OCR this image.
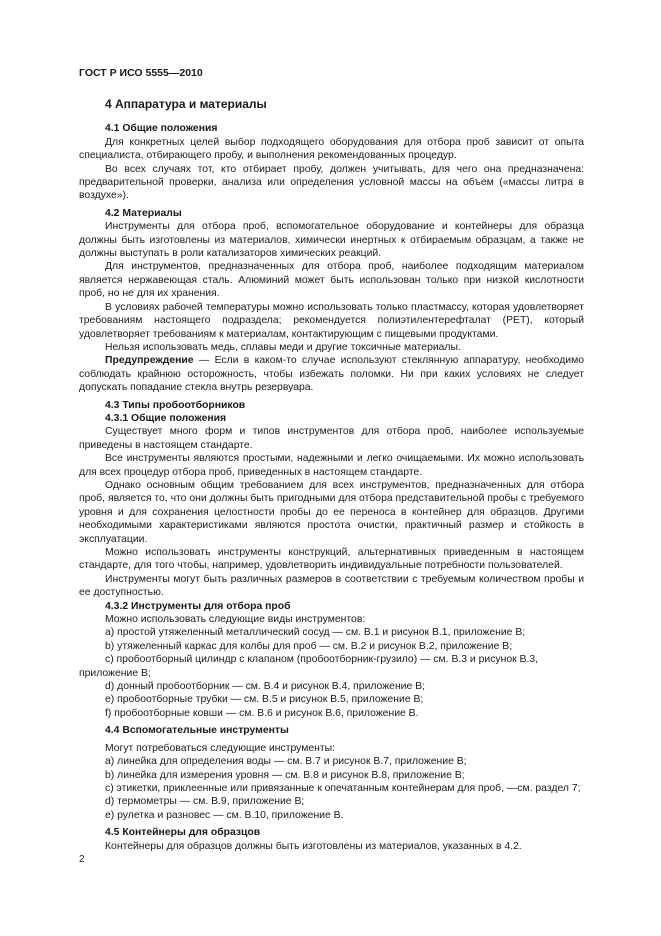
ГОСТ Р ИСО 5555—2010
4 Аппаратура и материалы
4.1 Общие положения

Для конкретных целей выбор подходящего оборудования для отбора проб зависит от опыта специалиста, отбирающего пробу, и выполнения рекомендованных процедур.

Во всех случаях тот, кто отбирает пробу, должен учитывать, для чего она предназначена: предварительной проверки, анализа или определения условной массы на объем («массы литра в воздухе»).

4.2 Материалы

Инструменты для отбора проб, вспомогательное оборудование и контейнеры для образца должны быть изготовлены из материалов, химически инертных к отбираемым образцам, а также не должны выступать в роли катализаторов химических реакций.

Для инструментов, предназначенных для отбора проб, наиболее подходящим материалом является нержавеющая сталь. Алюминий может быть использован только при низкой кислотности проб, но не для их хранения.

В условиях рабочей температуры можно использовать только пластмассу, которая удовлетворяет требованиям настоящего подраздела; рекомендуется полиэтилентерефталат (PET), который удовлетворяет требованиям к материалам, контактирующим с пищевыми продуктами.

Нельзя использовать медь, сплавы меди и другие токсичные материалы.

Предупреждение — Если в каком-то случае используют стеклянную аппаратуру, необходимо соблюдать крайнюю осторожность, чтобы избежать поломки. Ни при каких условиях не следует допускать попадание стекла внутрь резервуара.

4.3 Типы пробоотборников
4.3.1 Общие положения

Существует много форм и типов инструментов для отбора проб, наиболее используемые приведены в настоящем стандарте.

Все инструменты являются простыми, надежными и легко очищаемыми. Их можно использовать для всех процедур отбора проб, приведенных в настоящем стандарте.

Однако основным общим требованием для всех инструментов, предназначенных для отбора проб, является то, что они должны быть пригодными для отбора представительной пробы с требуемого уровня и для сохранения целостности пробы до ее переноса в контейнер для образцов. Другими необходимыми характеристиками являются простота очистки, практичный размер и стойкость в эксплуатации.

Можно использовать инструменты конструкций, альтернативных приведенным в настоящем стандарте, для того чтобы, например, удовлетворить индивидуальные потребности пользователей.

Инструменты могут быть различных размеров в соответствии с требуемым количеством пробы и ее доступностью.

4.3.2 Инструменты для отбора проб
Можно использовать следующие виды инструментов:
a) простой утяжеленный металлический сосуд — см. B.1 и рисунок B.1, приложение B;
b) утяжеленный каркас для колбы для проб — см. B.2 и рисунок B.2, приложение B;
c) пробоотборный цилиндр с клапаном (пробоотборник-грузило) — см. B.3 и рисунок B.3, приложение B;
d) донный пробоотборник — см. B.4 и рисунок B.4, приложение B;
e) пробоотборные трубки — см. B.5 и рисунок B.5, приложение B;
f) пробоотборные ковши — см. B.6 и рисунок B.6, приложение B.
4.4 Вспомогательные инструменты
Могут потребоваться следующие инструменты:
a) линейка для определения воды — см. B.7 и рисунок B.7, приложение B;
b) линейка для измерения уровня — см. B.8 и рисунок B.8, приложение B;
c) этикетки, приклеенные или привязанные к опечатанным контейнерам для проб, —см. раздел 7;
d) термометры — см. B.9, приложение B;
e) рулетка и разновес — см. B.10, приложение B.
4.5 Контейнеры для образцов

Контейнеры для образцов должны быть изготовлены из материалов, указанных в 4.2.

2
